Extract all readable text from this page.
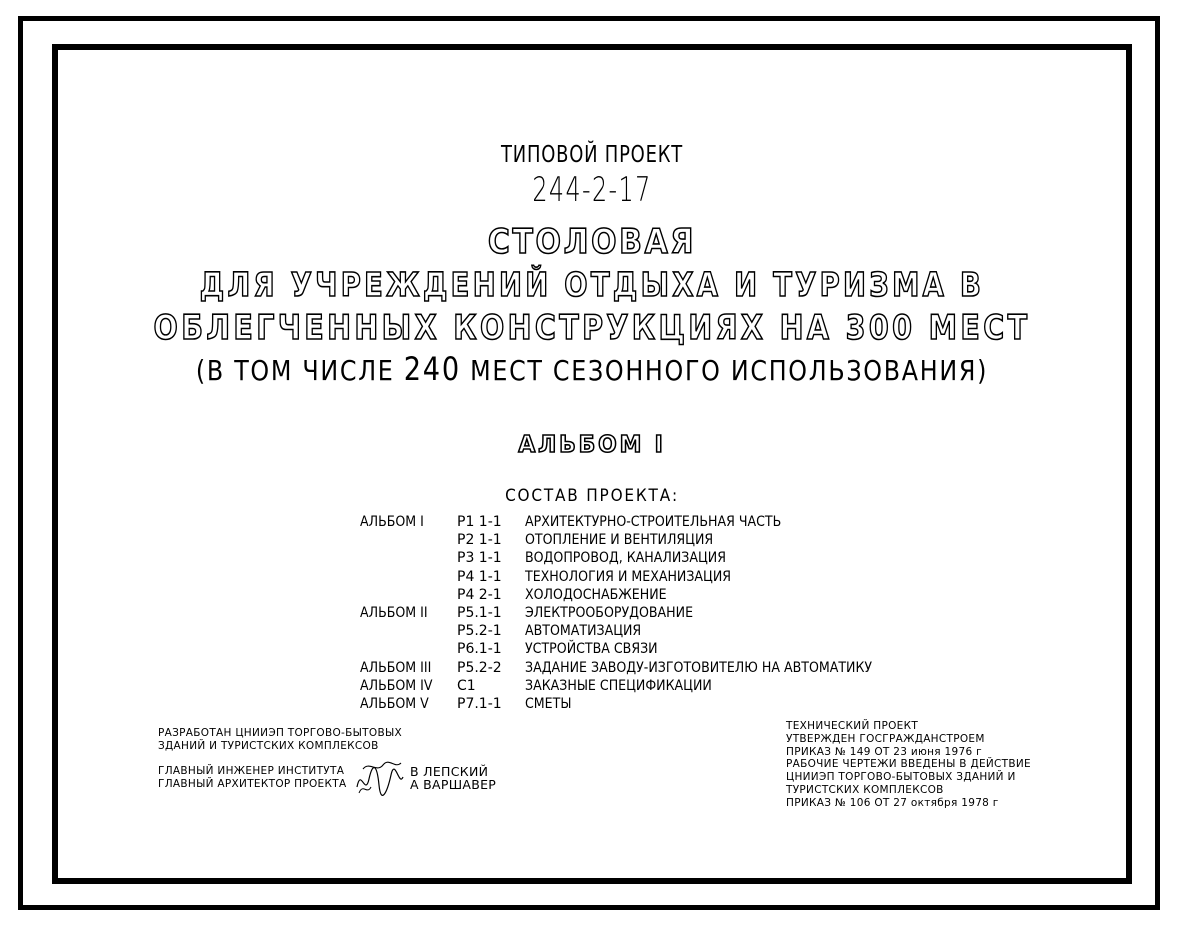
ТИПОВОЙ ПРОЕКТ
244-2-17
СТОЛОВАЯ
ДЛЯ УЧРЕЖДЕНИЙ ОТДЫХА И ТУРИЗМА В
ОБЛЕГЧЕННЫХ КОНСТРУКЦИЯХ НА 300 МЕСТ
(В ТОМ ЧИСЛЕ 240 МЕСТ СЕЗОННОГО ИСПОЛЬЗОВАНИЯ)
АЛЬБОМ I
СОСТАВ ПРОЕКТА:
АЛЬБОМ I Р1 1-1 АРХИТЕКТУРНО-СТРОИТЕЛЬНАЯ ЧАСТЬ
Р2 1-1 ОТОПЛЕНИЕ И ВЕНТИЛЯЦИЯ
Р3 1-1 ВОДОПРОВОД, КАНАЛИЗАЦИЯ
Р4 1-1 ТЕХНОЛОГИЯ И МЕХАНИЗАЦИЯ
Р4 2-1 ХОЛОДОСНАБЖЕНИЕ
АЛЬБОМ II Р5.1-1 ЭЛЕКТРООБОРУДОВАНИЕ
Р5.2-1 АВТОМАТИЗАЦИЯ
Р6.1-1 УСТРОЙСТВА СВЯЗИ
АЛЬБОМ III Р5.2-2 ЗАДАНИЕ ЗАВОДУ-ИЗГОТОВИТЕЛЮ НА АВТОМАТИКУ
АЛЬБОМ IV С1	ЗАКАЗНЫЕ СПЕЦИФИКАЦИИ
АЛЬБОМ V Р7.1-1 СМЕТЫ
РАЗРАБОТАН ЦНИИЭП ТОРГОВО-БЫТОВЫХ
ЗДАНИЙ И ТУРИСТСКИХ КОМПЛЕКСОВ
ГЛАВНЫЙ ИНЖЕНЕР ИНСТИТУТА
ГЛАВНЫЙ АРХИТЕКТОР ПРОЕКТА
В ЛЕПСКИЙ
А ВАРШАВЕР
ТЕХНИЧЕСКИЙ ПРОЕКТ
УТВЕРЖДЕН ГОСГРАЖДАНСТРОЕМ
ПРИКАЗ № 149 ОТ 23 июня 1976 г
РАБОЧИЕ ЧЕРТЕЖИ ВВЕДЕНЫ В ДЕЙСТВИЕ
ЦНИИЭП ТОРГОВО-БЫТОВЫХ ЗДАНИЙ И
ТУРИСТСКИХ КОМПЛЕКСОВ
ПРИКАЗ № 106 ОТ 27 октября 1978 г
